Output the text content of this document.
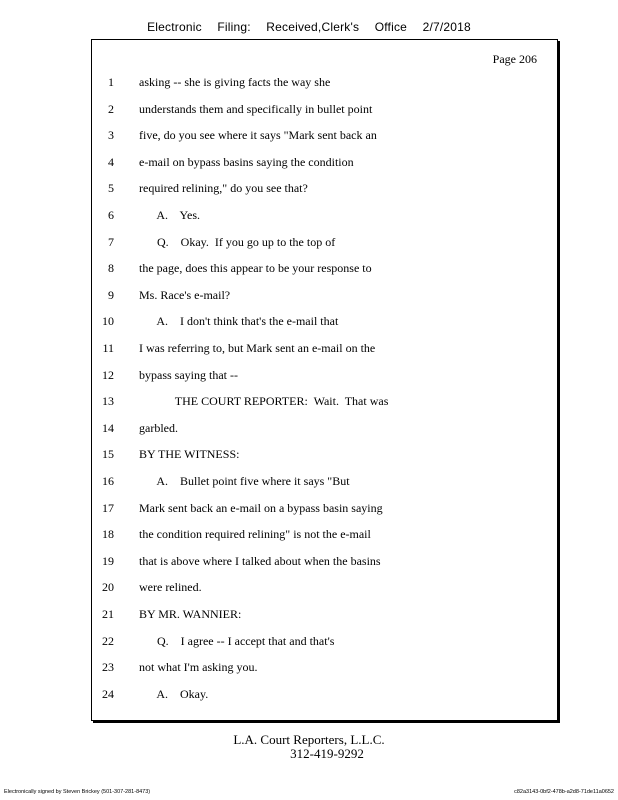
Electronic Filing: Received,Clerk's Office 2/7/2018
Page 206
1 asking -- she is giving facts the way she
2 understands them and specifically in bullet point
3 five, do you see where it says "Mark sent back an
4 e-mail on bypass basins saying the condition
5 required relining," do you see that?
6 A.    Yes.
7 Q.    Okay.  If you go up to the top of
8 the page, does this appear to be your response to
9 Ms. Race's e-mail?
10 A.    I don't think that's the e-mail that
11 I was referring to, but Mark sent an e-mail on the
12 bypass saying that --
13 THE COURT REPORTER:  Wait.  That was
14 garbled.
15 BY THE WITNESS:
16 A.    Bullet point five where it says "But
17 Mark sent back an e-mail on a bypass basin saying
18 the condition required relining" is not the e-mail
19 that is above where I talked about when the basins
20 were relined.
21 BY MR. WANNIER:
22 Q.    I agree -- I accept that and that's
23 not what I'm asking you.
24 A.    Okay.
L.A. Court Reporters, L.L.C.
312-419-9292
Electronically signed by Steven Brickey (501-307-281-8473)	c82a3143-0bf2-478b-a2d8-71de11a0652
